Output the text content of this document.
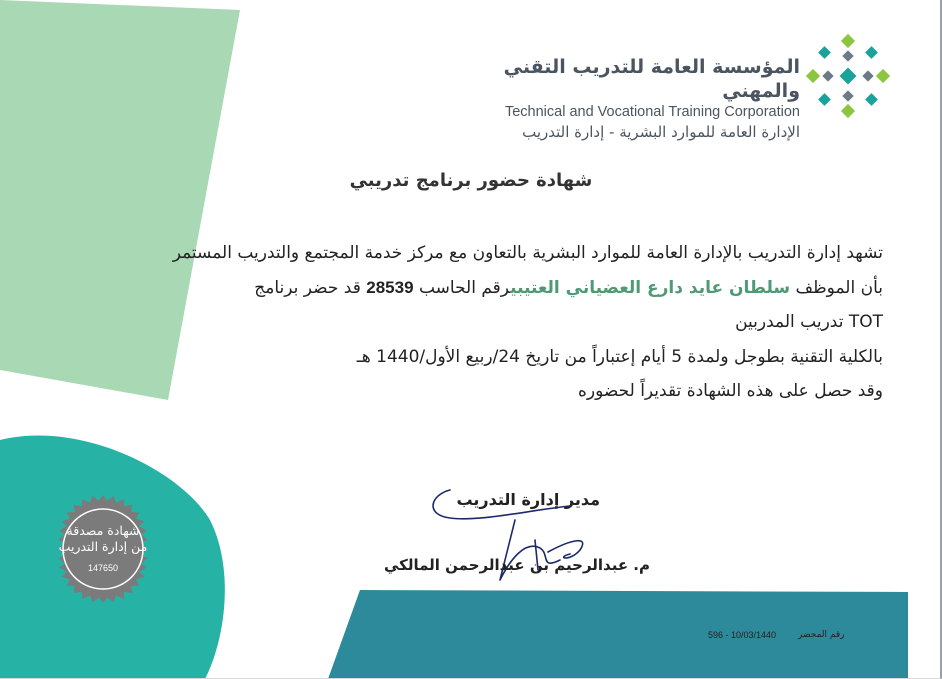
المؤسسة العامة للتدريب التقني والمهني
Technical and Vocational Training Corporation
الإدارة العامة للموارد البشرية - إدارة التدريب
شهادة حضور برنامج تدريبي
تشهد إدارة التدريب بالإدارة العامة للموارد البشرية بالتعاون مع مركز خدمة المجتمع والتدريب المستمر
بأن الموظف سلطان عايد دارع العضياني العتيبيرقم الحاسب 28539 قد حضر برنامج
TOT تدريب المدربين
بالكلية التقنية بطوجل ولمدة 5 أيام إعتباراً من تاريخ 24/ربيع الأول/1440 هـ
وقد حصل على هذه الشهادة تقديراً لحضوره
مدير إدارة التدريب
م. عبدالرحيم بن عبدالرحمن المالكي
شهادة مصدقة
من إدارة التدريب
147650
رقم المحضر
596 - 10/03/1440
